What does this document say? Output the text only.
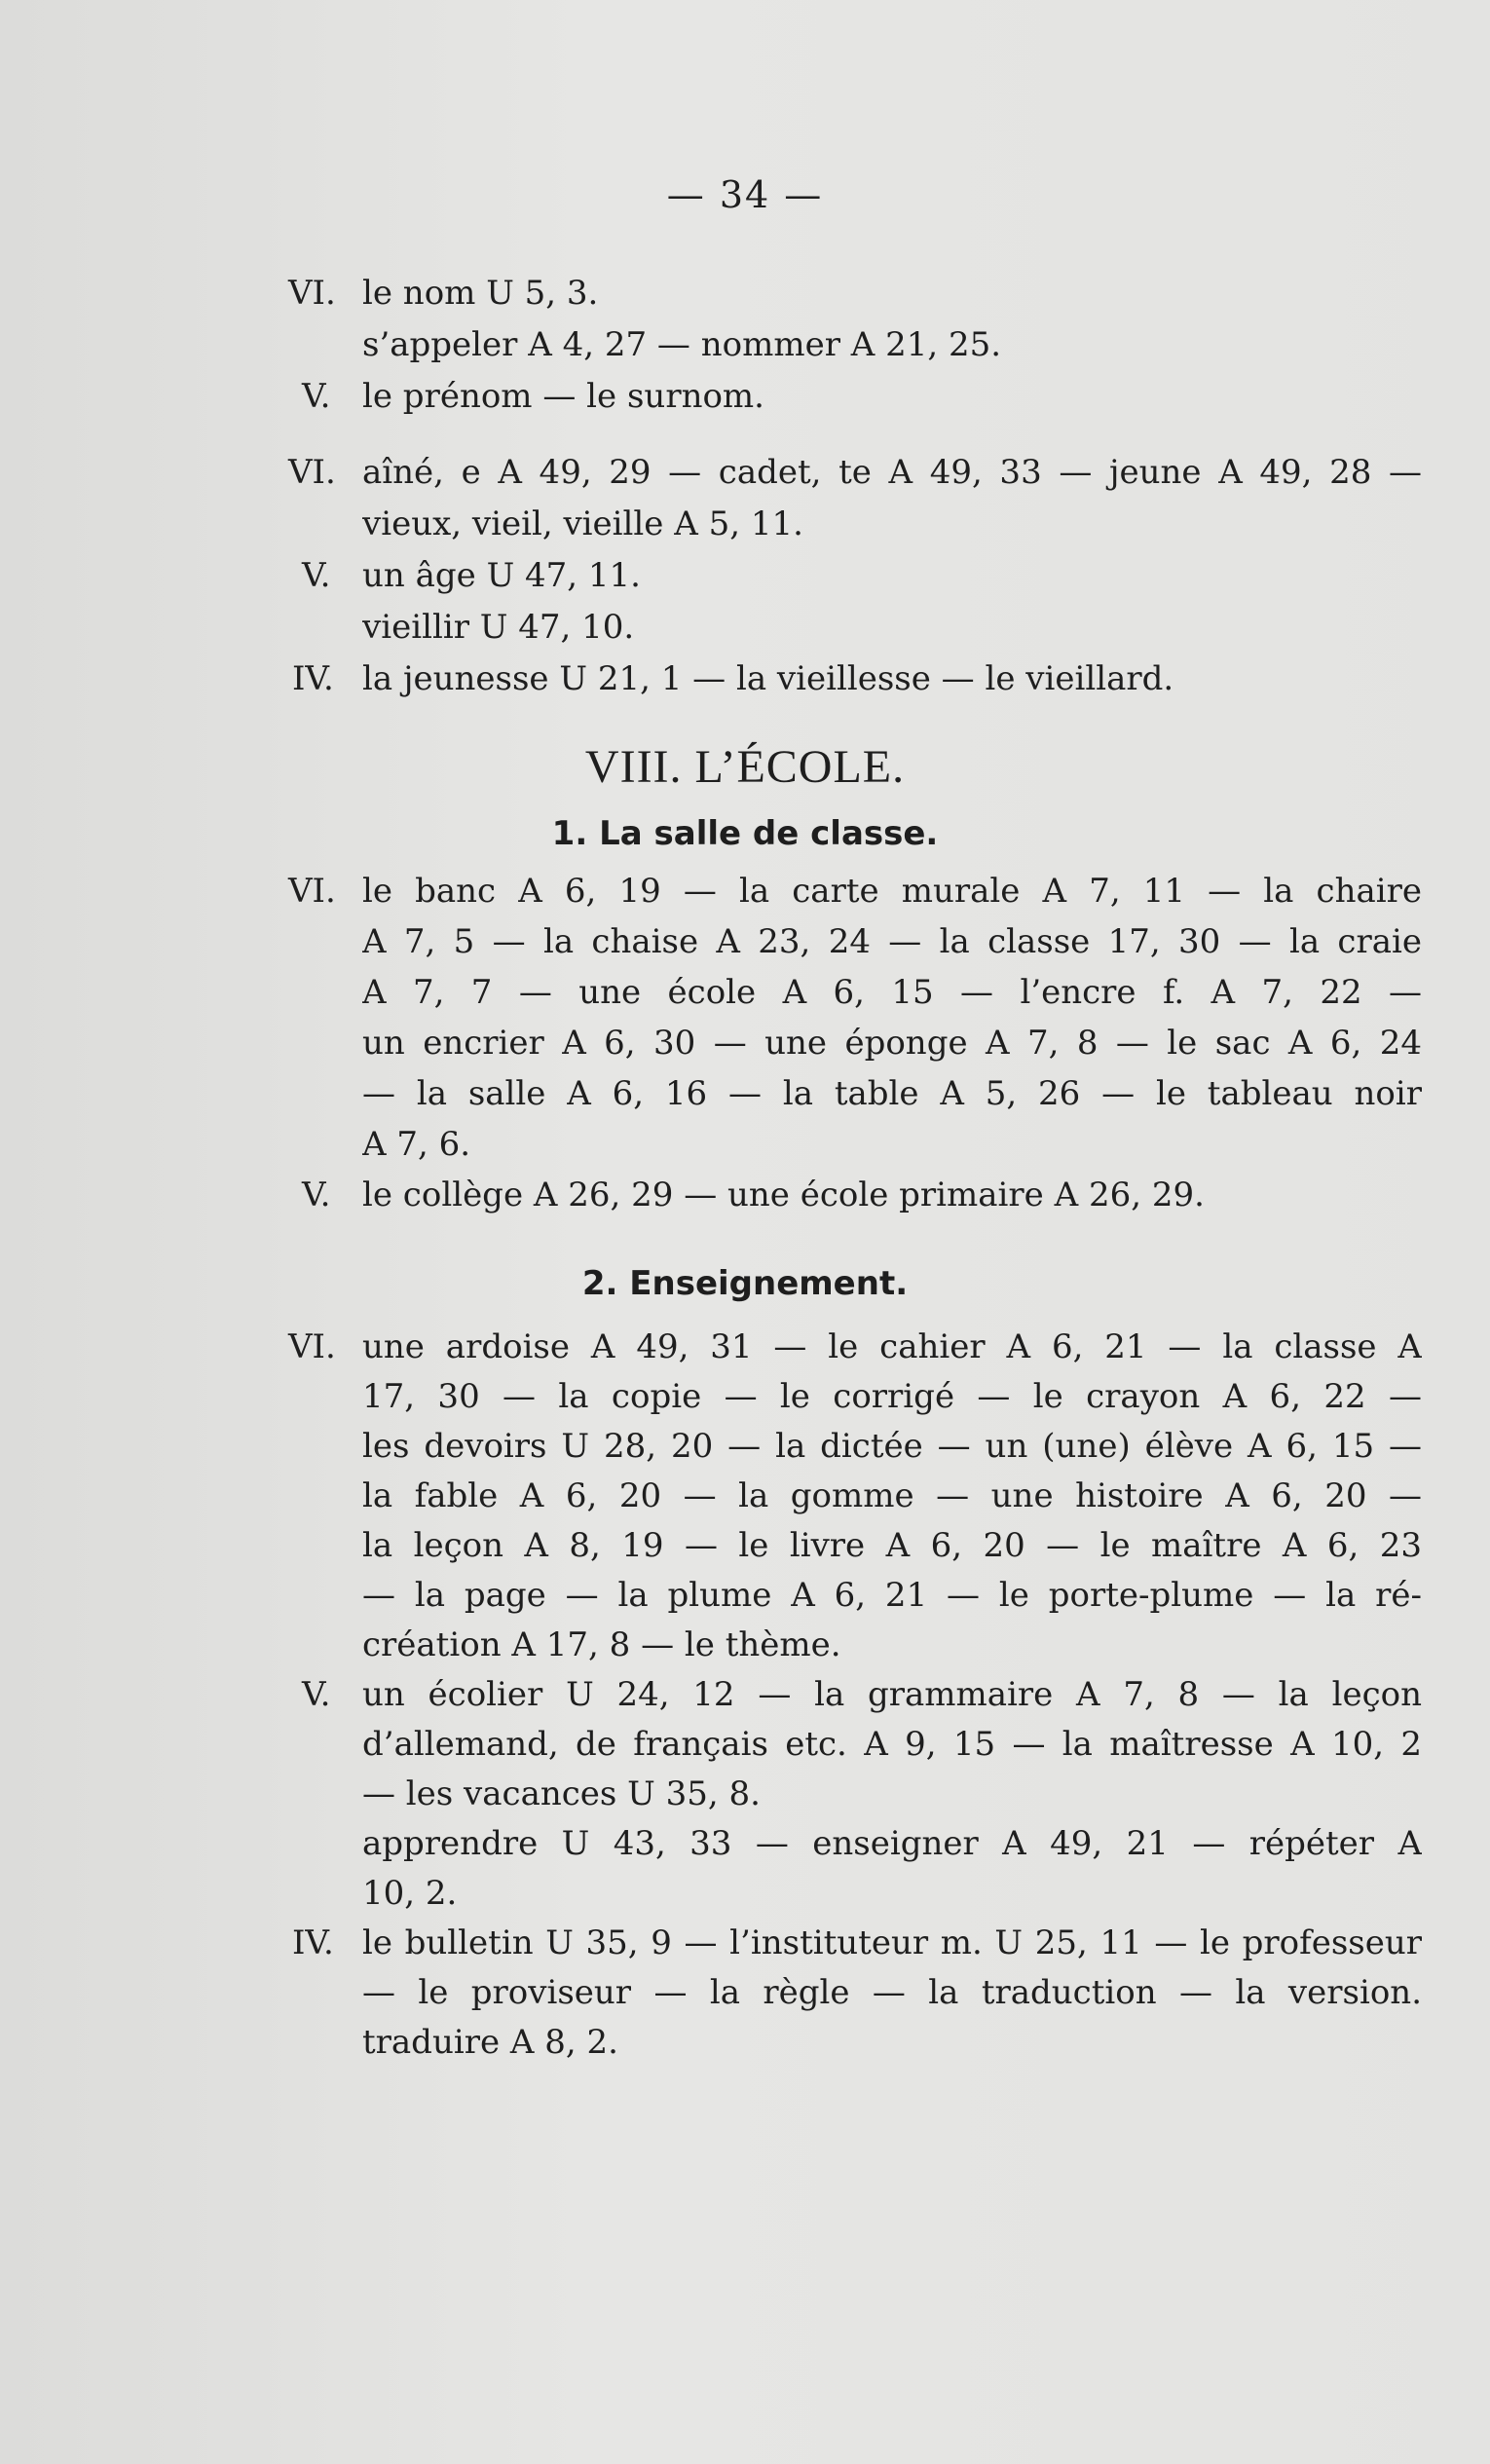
— 34 —
VI. le nom U 5, 3.
s’appeler A 4, 27 — nommer A 21, 25.
V. le prénom — le surnom.
VI. aîné, e A 49, 29 — cadet, te A 49, 33 — jeune A 49, 28 —
vieux, vieil, vieille A 5, 11.
V. un âge U 47, 11.
vieillir U 47, 10.
IV. la jeunesse U 21, 1 — la vieillesse — le vieillard.
VIII. L’ÉCOLE.
1. La salle de classe.
VI. le banc A 6, 19 — la carte murale A 7, 11 — la chaire
A 7, 5 — la chaise A 23, 24 — la classe 17, 30 — la craie
A 7, 7 — une école A 6, 15 — l’encre f. A 7, 22 —
un encrier A 6, 30 — une éponge A 7, 8 — le sac A 6, 24
— la salle A 6, 16 — la table A 5, 26 — le tableau noir
A 7, 6.
V. le collège A 26, 29 — une école primaire A 26, 29.
2. Enseignement.
VI. une ardoise A 49, 31 — le cahier A 6, 21 — la classe A
17, 30 — la copie — le corrigé — le crayon A 6, 22 —
les devoirs U 28, 20 — la dictée — un (une) élève A 6, 15 —
la fable A 6, 20 — la gomme — une histoire A 6, 20 —
la leçon A 8, 19 — le livre A 6, 20 — le maître A 6, 23
— la page — la plume A 6, 21 — le porte-plume — la ré-
création A 17, 8 — le thème.
V. un écolier U 24, 12 — la grammaire A 7, 8 — la leçon
d’allemand, de français etc. A 9, 15 — la maîtresse A 10, 2
— les vacances U 35, 8.
apprendre U 43, 33 — enseigner A 49, 21 — répéter A
10, 2.
IV. le bulletin U 35, 9 — l’instituteur m. U 25, 11 — le professeur
— le proviseur — la règle — la traduction — la version.
traduire A 8, 2.
